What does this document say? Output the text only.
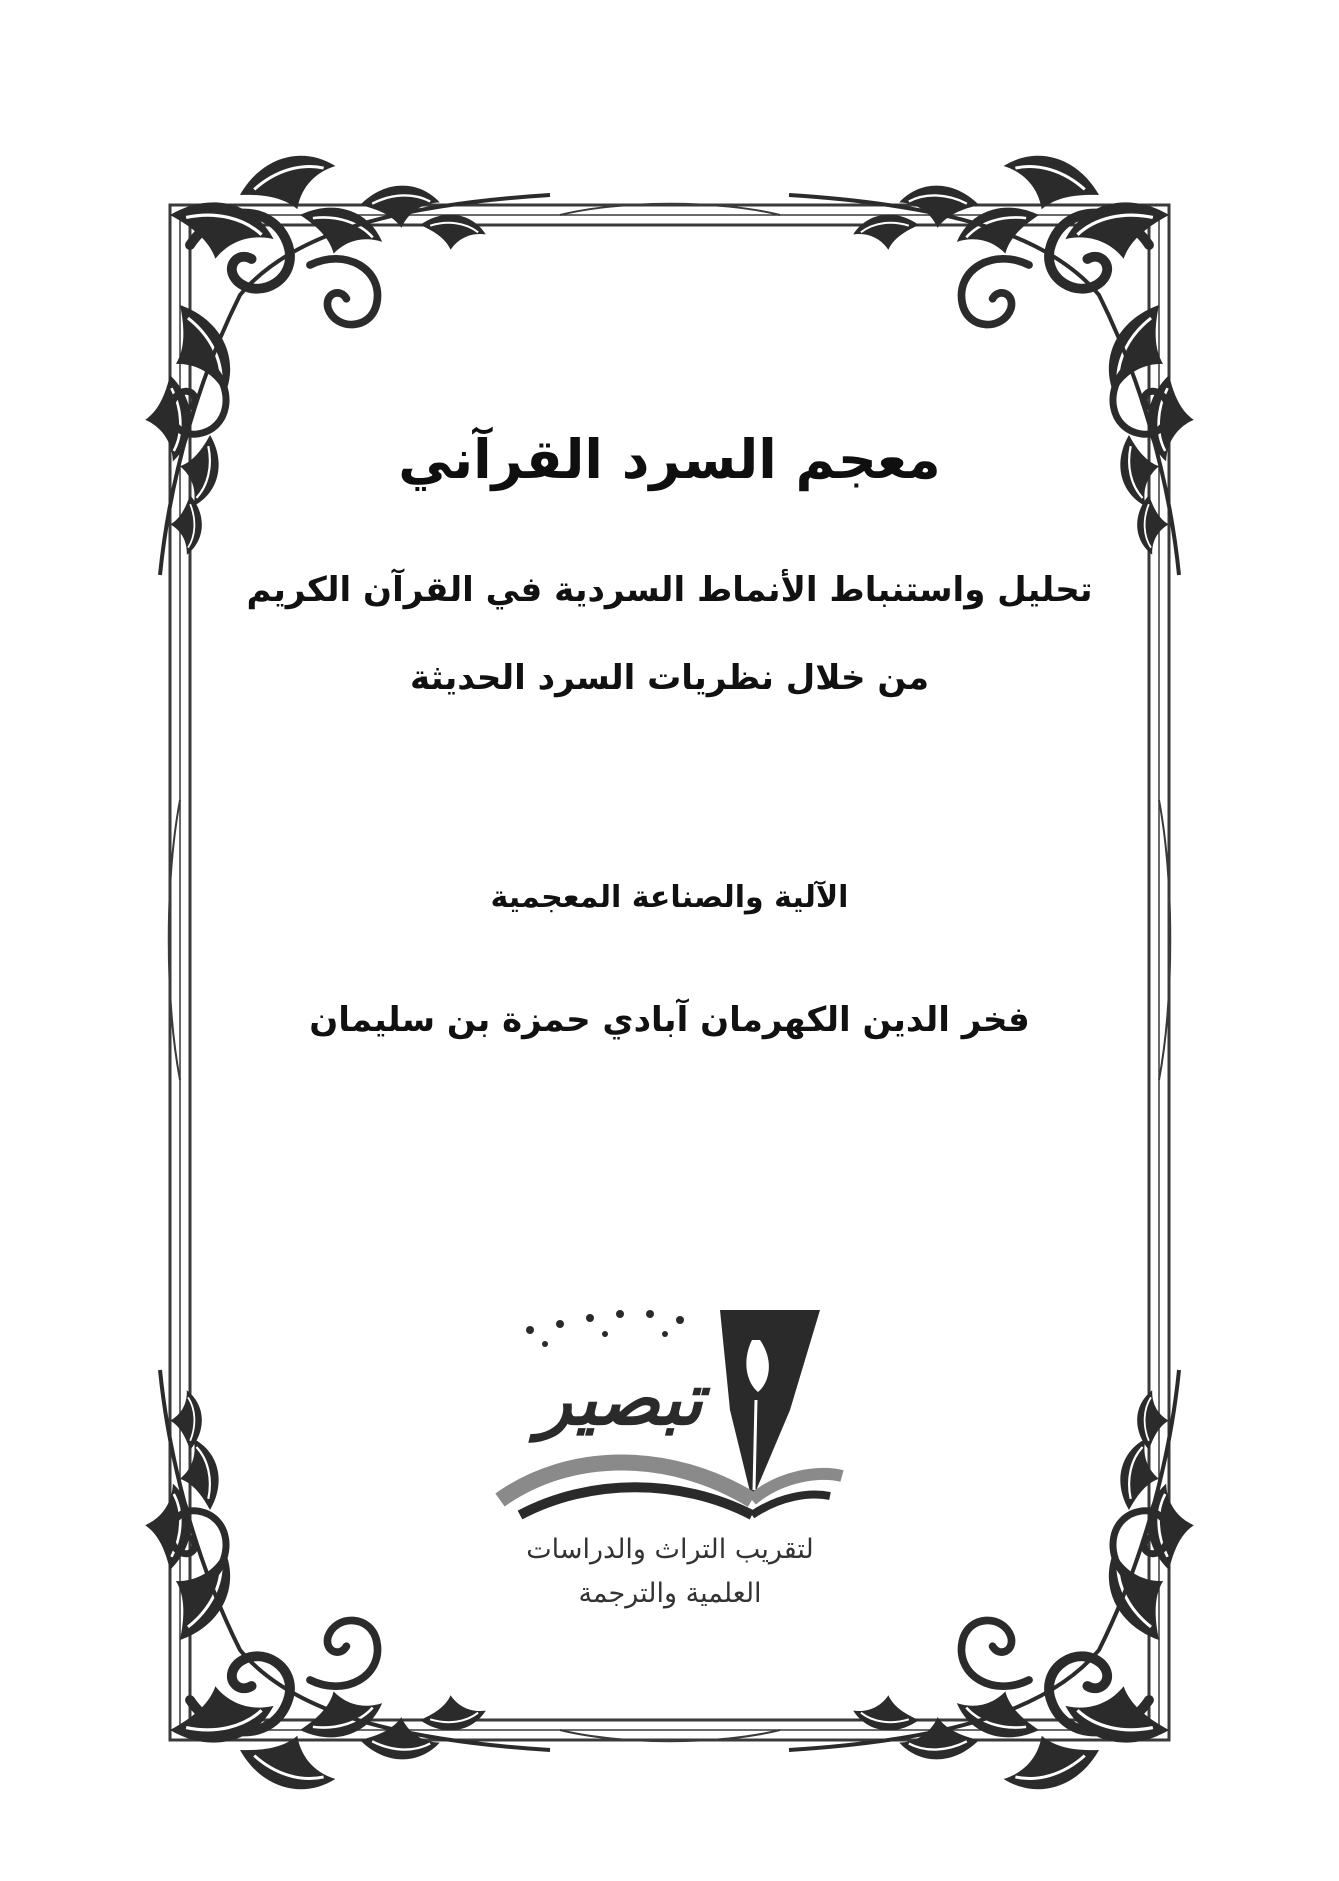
معجم السرد القرآني
تحليل واستنباط الأنماط السردية في القرآن الكريم
من خلال نظريات السرد الحديثة
الآلية والصناعة المعجمية
فخر الدين الكهرمان آبادي حمزة بن سليمان
تبصير
لتقريب التراث والدراسات
العلمية والترجمة
